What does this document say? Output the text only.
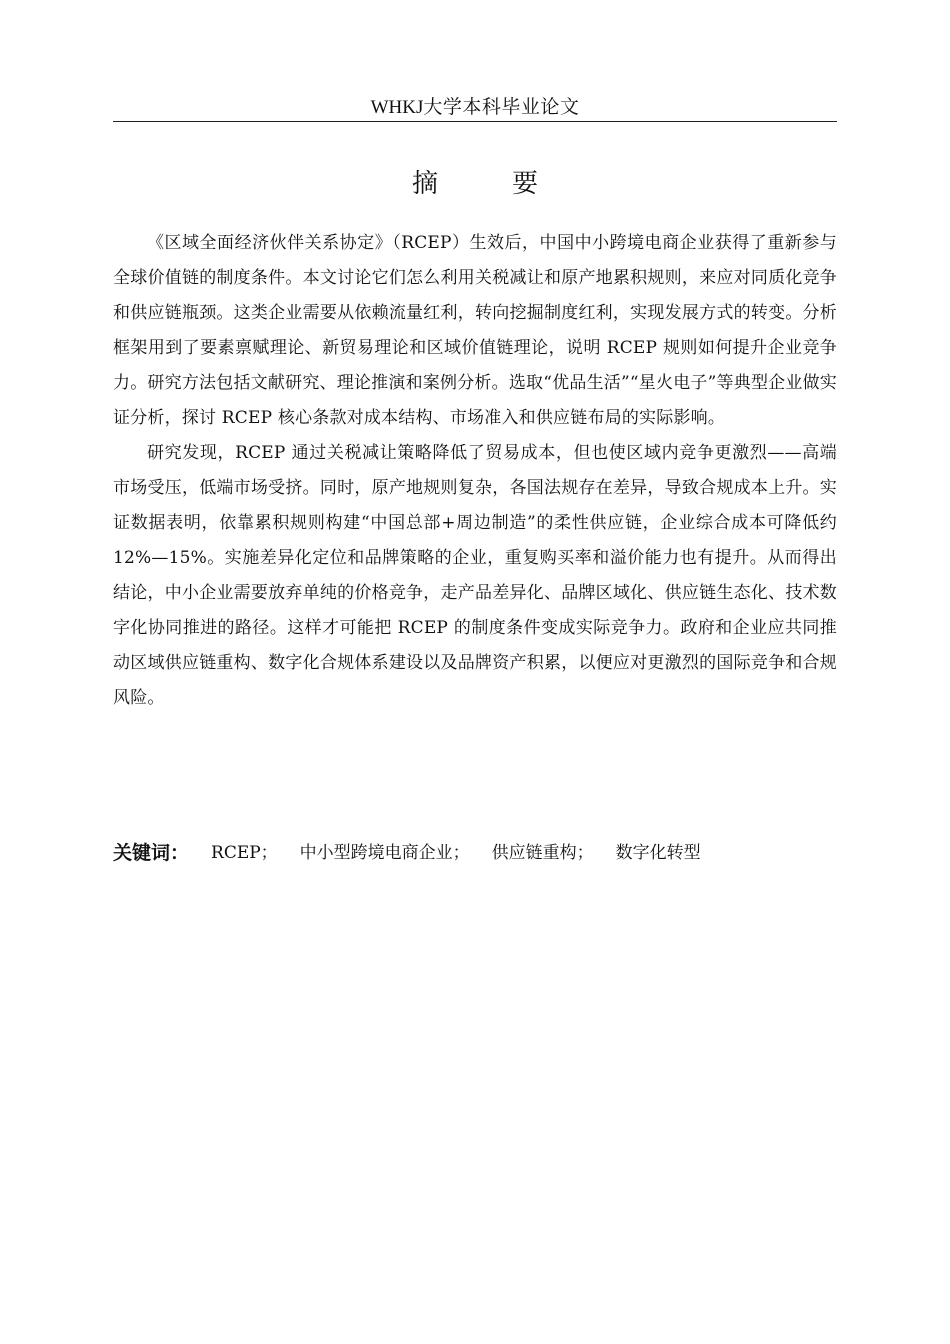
WHKJ大学本科毕业论文
摘　要

《区域全面经济伙伴关系协定》（RCEP）生效后，中国中小跨境电商企业获得了重新参与全球价值链的制度条件。本文讨论它们怎么利用关税减让和原产地累积规则，来应对同质化竞争和供应链瓶颈。这类企业需要从依赖流量红利，转向挖掘制度红利，实现发展方式的转变。分析框架用到了要素禀赋理论、新贸易理论和区域价值链理论，说明 RCEP 规则如何提升企业竞争力。研究方法包括文献研究、理论推演和案例分析。选取“优品生活”“星火电子”等典型企业做实证分析，探讨 RCEP 核心条款对成本结构、市场准入和供应链布局的实际影响。

研究发现，RCEP 通过关税减让策略降低了贸易成本，但也使区域内竞争更激烈——高端市场受压，低端市场受挤。同时，原产地规则复杂，各国法规存在差异，导致合规成本上升。实证数据表明，依靠累积规则构建“中国总部+周边制造”的柔性供应链，企业综合成本可降低约 12%—15%。实施差异化定位和品牌策略的企业，重复购买率和溢价能力也有提升。从而得出结论，中小企业需要放弃单纯的价格竞争，走产品差异化、品牌区域化、供应链生态化、技术数字化协同推进的路径。这样才可能把 RCEP 的制度条件变成实际竞争力。政府和企业应共同推动区域供应链重构、数字化合规体系建设以及品牌资产积累，以便应对更激烈的国际竞争和合规风险。

关键词： RCEP； 中小型跨境电商企业； 供应链重构； 数字化转型
